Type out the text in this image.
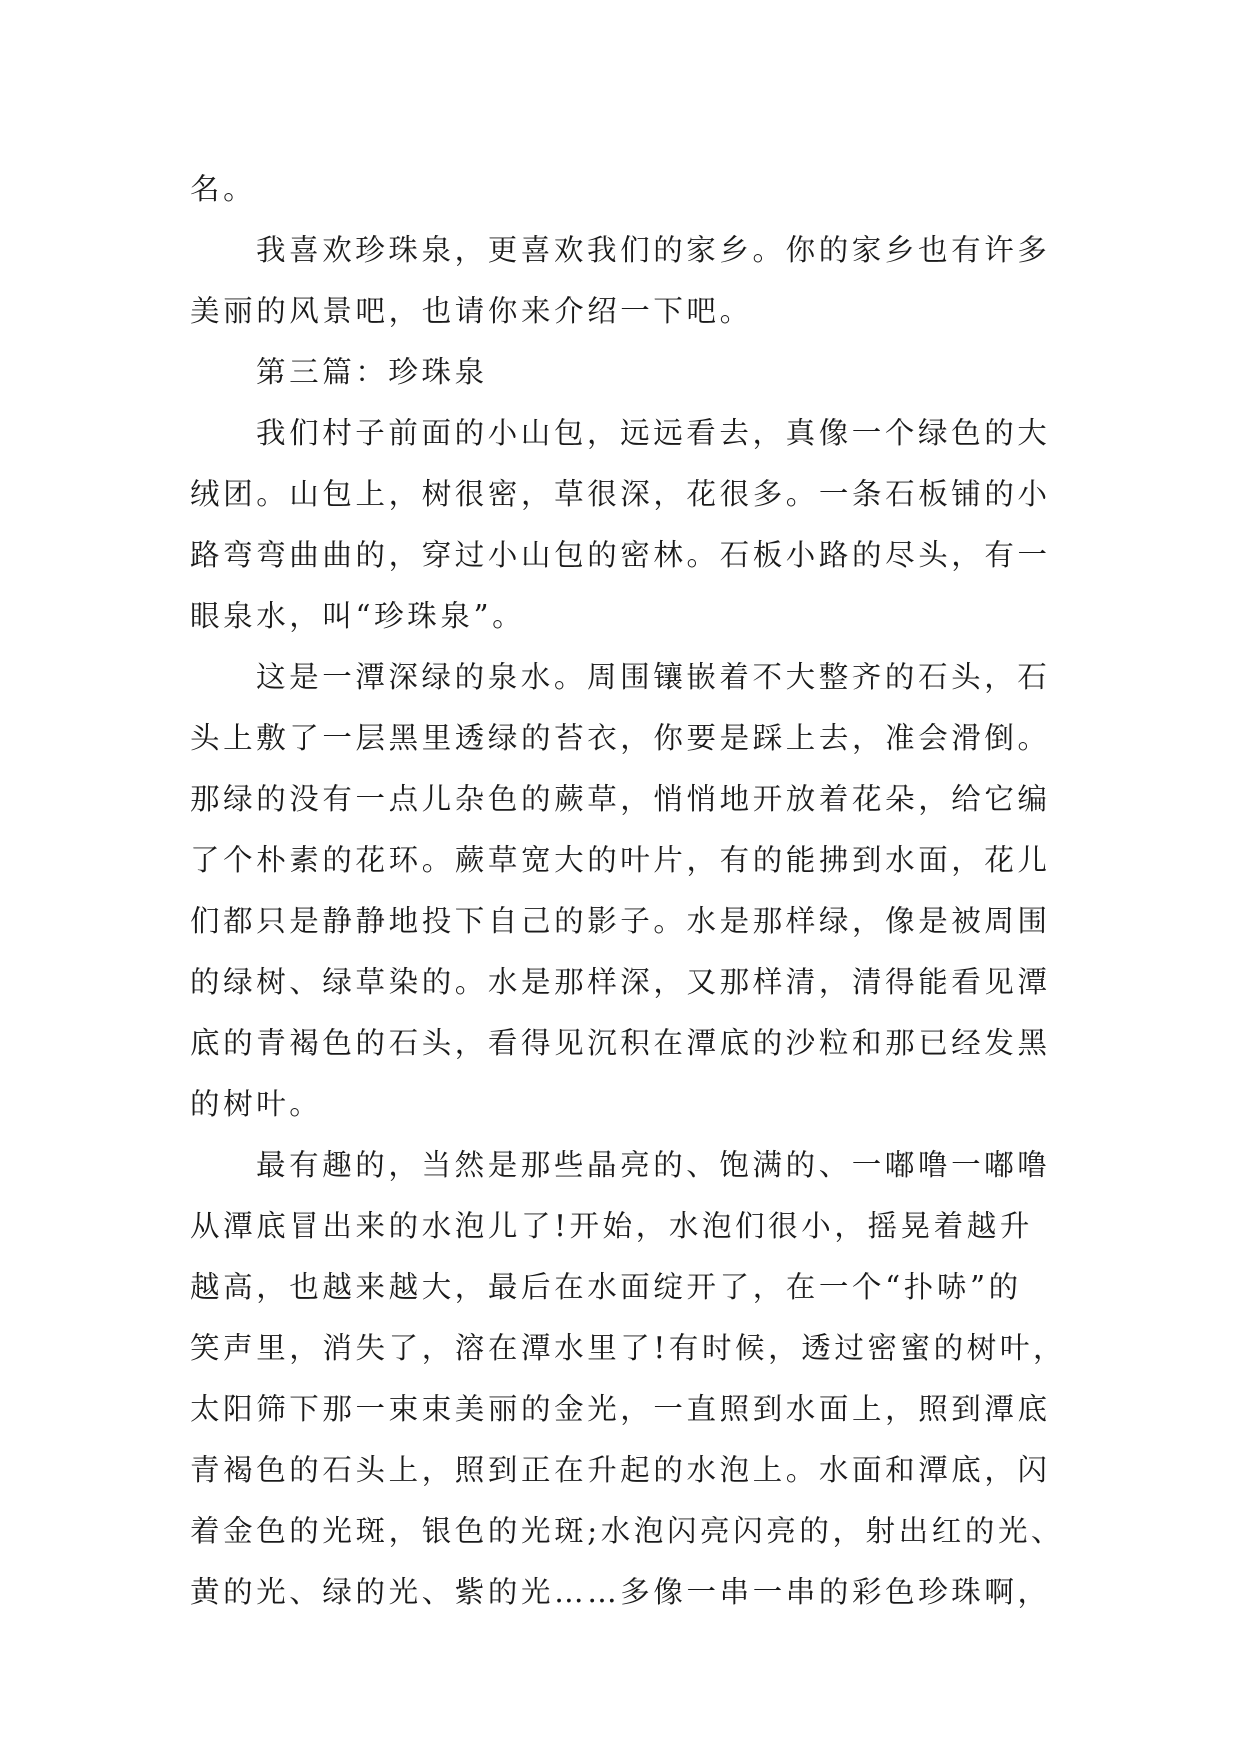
名。
我喜欢珍珠泉，更喜欢我们的家乡。你的家乡也有许多
美丽的风景吧，也请你来介绍一下吧。
第三篇：珍珠泉
我们村子前面的小山包，远远看去，真像一个绿色的大
绒团。山包上，树很密，草很深，花很多。一条石板铺的小
路弯弯曲曲的，穿过小山包的密林。石板小路的尽头，有一
眼泉水，叫“珍珠泉”。
这是一潭深绿的泉水。周围镶嵌着不大整齐的石头，石
头上敷了一层黑里透绿的苔衣，你要是踩上去，准会滑倒。
那绿的没有一点儿杂色的蕨草，悄悄地开放着花朵，给它编
了个朴素的花环。蕨草宽大的叶片，有的能拂到水面，花儿
们都只是静静地投下自己的影子。水是那样绿，像是被周围
的绿树、绿草染的。水是那样深，又那样清，清得能看见潭
底的青褐色的石头，看得见沉积在潭底的沙粒和那已经发黑
的树叶。
最有趣的，当然是那些晶亮的、饱满的、一嘟噜一嘟噜
从潭底冒出来的水泡儿了!开始，水泡们很小，摇晃着越升
越高，也越来越大，最后在水面绽开了，在一个“扑哧”的
笑声里，消失了，溶在潭水里了!有时候，透过密蜜的树叶，
太阳筛下那一束束美丽的金光，一直照到水面上，照到潭底
青褐色的石头上，照到正在升起的水泡上。水面和潭底，闪
着金色的光斑，银色的光斑;水泡闪亮闪亮的，射出红的光、
黄的光、绿的光、紫的光……多像一串一串的彩色珍珠啊，
